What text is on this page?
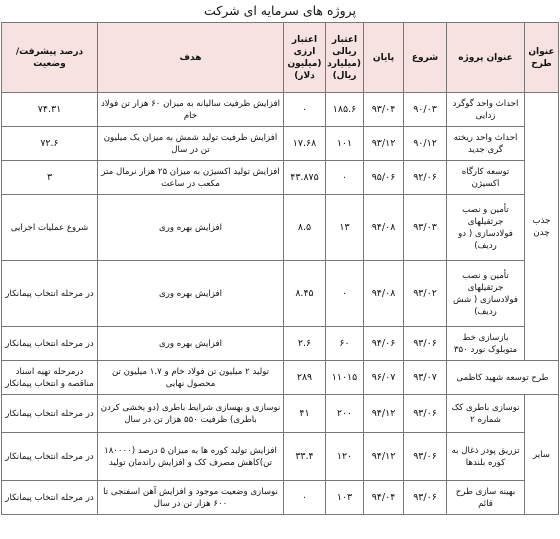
پروژه های سرمایه ای شرکت
عنوان طرح	عنوان پروژه	شروع	پایان	اعتبار ریالی (میلیارد ریال)	اعتبار ارزی (میلیون دلار)	هدف	درصد پیشرفت/وضعیت
جذب چدن	احداث واحد گوگرد زدایی	۹۰/۰۳	۹۳/۰۴	۱۸۵.۶	۰	افزایش ظرفیت سالیانه به میزان ۶۰ هزار تن فولاد خام	۷۴.۳۱
	احداث واحد ریخته گری جدید	۹۰/۱۲	۹۳/۱۲	۱۰۱	۱۷.۶۸	افزایش ظرفیت تولید شمش به میزان یک میلیون تن در سال	۷۲.۶
	توسعه کارگاه اکسیژن	۹۲/۰۶	۹۵/۰۶	۰	۴۳.۸۷۵	افزایش تولید اکسیژن به میزان ۲۵ هزار نرمال متر مکعب در ساعت	۳
	تأمین و نصب جرثقیلهای فولادسازی ( دو ردیف)	۹۳/۰۳	۹۴/۰۸	۱۳	۸.۵	افزایش بهره وری	شروع عملیات اجرایی
	تأمین و نصب جرثقیلهای فولادسازی ( شش ردیف)	۹۳/۰۲	۹۴/۰۸	۰	۸.۴۵	افزایش بهره وری	در مرحله انتخاب پیمانکار
	بازسازی خط متوبلوک نورد ۳۵۰	۹۳/۰۶	۹۴/۰۶	۶۰	۲.۶	افزایش بهره وری	در مرحله انتخاب پیمانکار
طرح توسعه شهید کاظمی		۹۳/۰۷	۹۶/۰۷	۱۱۰۱۵	۲۸۹	تولید ۲ میلیون تن فولاد خام و ۱.۷ میلیون تن محصول نهایی	درمرحله تهیه اسناد مناقصه و انتخاب پیمانکار
سایر	نوسازی باطری کک شماره ۲	۹۳/۰۶	۹۴/۱۲	۲۰۰	۴۱	نوسازی و بهسازی شرایط باطری (دو بخشی کردن باطری) ظرفیت ۵۵۰ هزار تن در سال	در مرحله انتخاب پیمانکار
	تزریق پودر ذغال به کوره بلندها	۹۳/۰۶	۹۴/۱۲	۱۲۰	۳۳.۴	افزایش تولید کوره ها به میزان ۵ درصد (۱۸۰۰۰۰ تن)کاهش مصرف کک و افزایش راندمان تولید	در مرحله انتخاب پیمانکار
	بهینه سازی طرح قائم	۹۳/۰۶	۹۴/۰۴	۱۰۳	۰	نوسازی وضعیت موجود و افزایش آهن اسفنجی تا ۶۰۰ هزار تن در سال	در مرحله انتخاب پیمانکار
